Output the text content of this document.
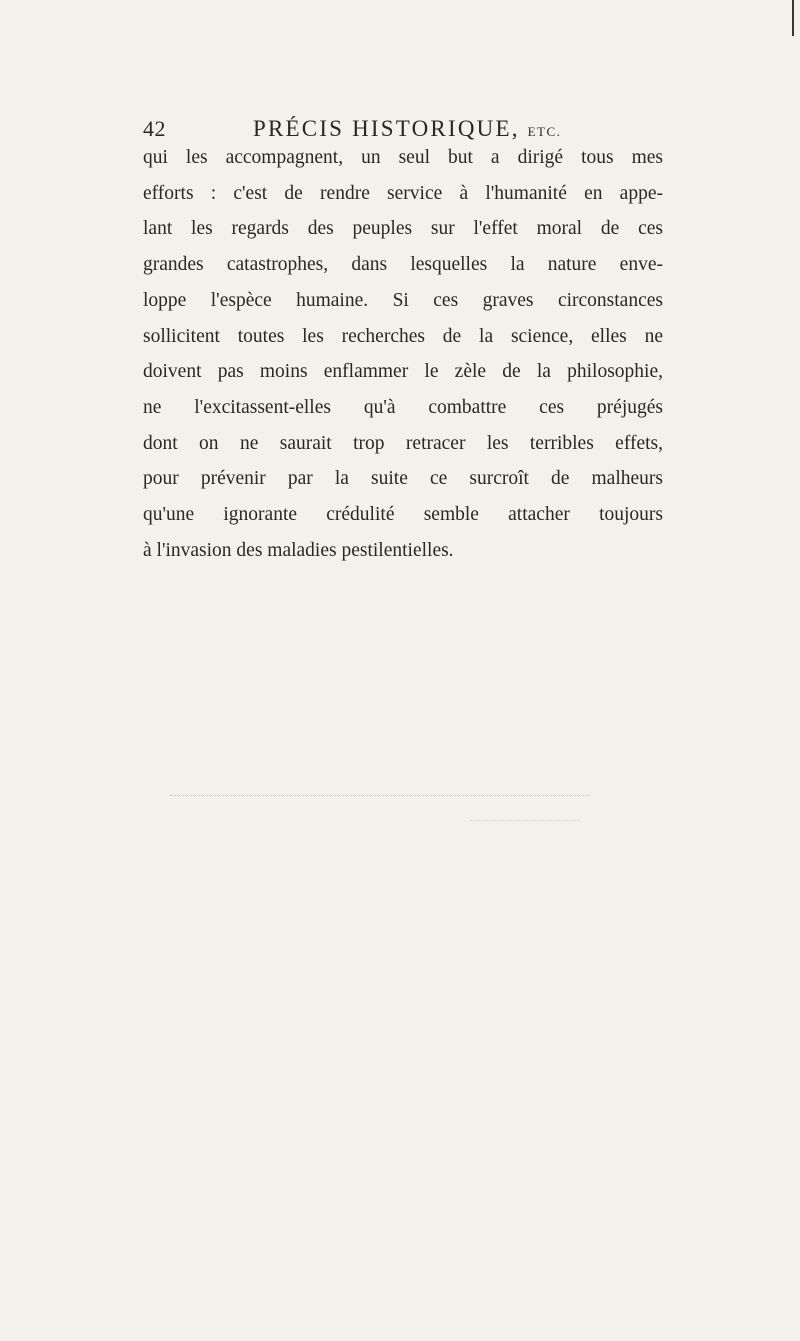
42	PRÉCIS HISTORIQUE, ETC.
qui les accompagnent, un seul but a dirigé tous mes
efforts : c'est de rendre service à l'humanité en appe-
lant les regards des peuples sur l'effet moral de ces
grandes catastrophes, dans lesquelles la nature enve-
loppe l'espèce humaine. Si ces graves circonstances
sollicitent toutes les recherches de la science, elles ne
doivent pas moins enflammer le zèle de la philosophie,
ne l'excitassent-elles qu'à combattre ces préjugés
dont on ne saurait trop retracer les terribles effets,
pour prévenir par la suite ce surcroît de malheurs
qu'une ignorante crédulité semble attacher toujours
à l'invasion des maladies pestilentielles.
